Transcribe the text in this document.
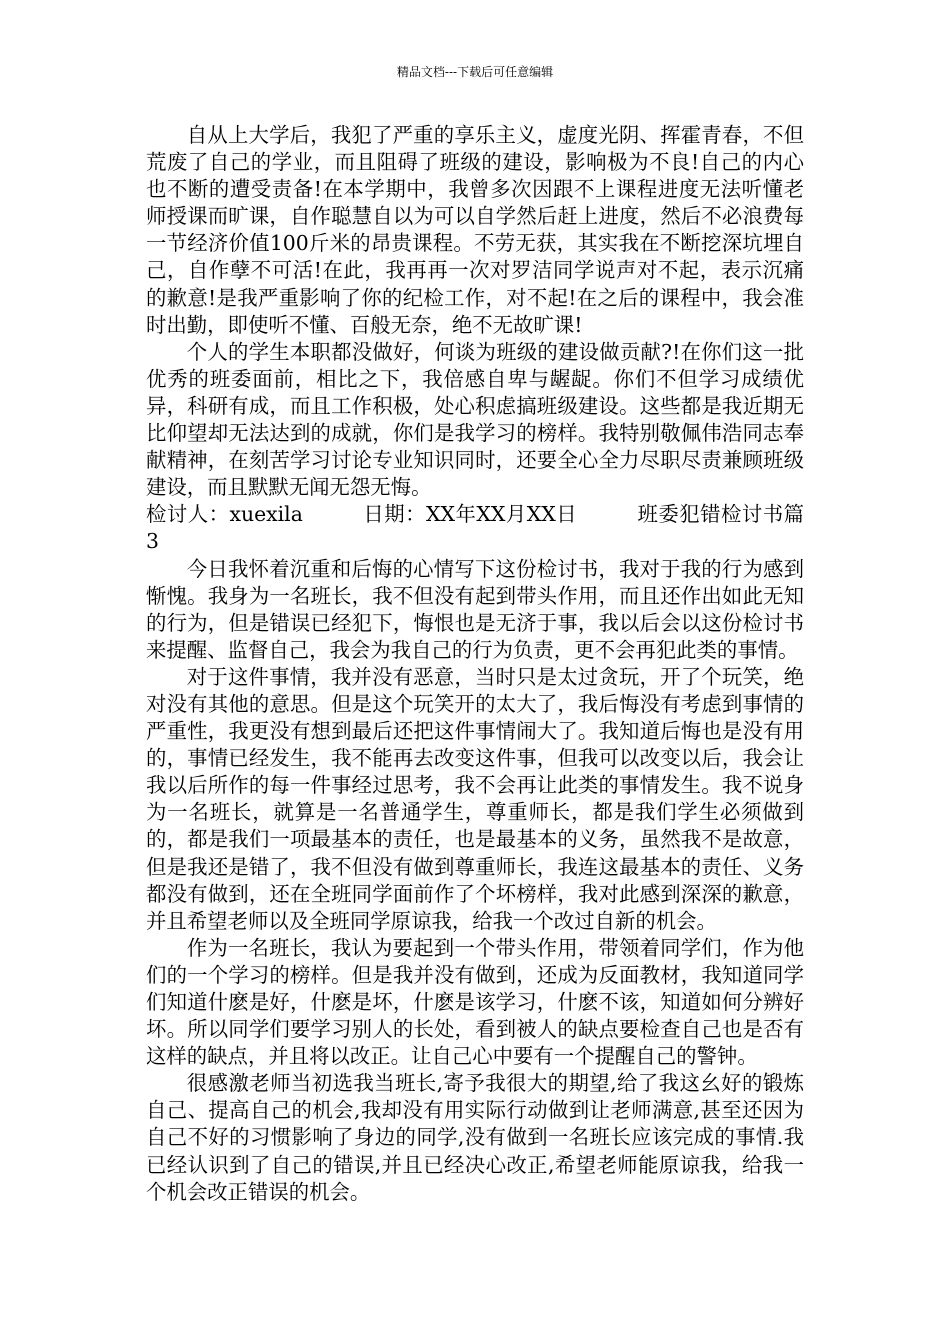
精品文档---下载后可任意编辑

自从上大学后，我犯了严重的享乐主义，虚度光阴、挥霍青春，不但荒废了自己的学业，而且阻碍了班级的建设，影响极为不良!自己的内心也不断的遭受责备!在本学期中，我曾多次因跟不上课程进度无法听懂老师授课而旷课，自作聪慧自以为可以自学然后赶上进度，然后不必浪费每一节经济价值100斤米的昂贵课程。不劳无获，其实我在不断挖深坑埋自己，自作孽不可活!在此，我再再一次对罗洁同学说声对不起，表示沉痛的歉意!是我严重影响了你的纪检工作，对不起!在之后的课程中，我会准时出勤，即使听不懂、百般无奈，绝不无故旷课!

个人的学生本职都没做好，何谈为班级的建设做贡献?!在你们这一批优秀的班委面前，相比之下，我倍感自卑与龌龊。你们不但学习成绩优异，科研有成，而且工作积极，处心积虑搞班级建设。这些都是我近期无比仰望却无法达到的成就，你们是我学习的榜样。我特别敬佩伟浩同志奉献精神，在刻苦学习讨论专业知识同时，还要全心全力尽职尽责兼顾班级建设，而且默默无闻无怨无悔。

检讨人：xuexila	日期：XX年XX月XX日	班委犯错检讨书篇3

今日我怀着沉重和后悔的心情写下这份检讨书，我对于我的行为感到惭愧。我身为一名班长，我不但没有起到带头作用，而且还作出如此无知的行为，但是错误已经犯下，悔恨也是无济于事，我以后会以这份检讨书来提醒、监督自己，我会为我自己的行为负责，更不会再犯此类的事情。

对于这件事情，我并没有恶意，当时只是太过贪玩，开了个玩笑，绝对没有其他的意思。但是这个玩笑开的太大了，我后悔没有考虑到事情的严重性，我更没有想到最后还把这件事情闹大了。我知道后悔也是没有用的，事情已经发生，我不能再去改变这件事，但我可以改变以后，我会让我以后所作的每一件事经过思考，我不会再让此类的事情发生。我不说身为一名班长，就算是一名普通学生，尊重师长，都是我们学生必须做到的，都是我们一项最基本的责任，也是最基本的义务，虽然我不是故意，但是我还是错了，我不但没有做到尊重师长，我连这最基本的责任、义务都没有做到，还在全班同学面前作了个坏榜样，我对此感到深深的歉意，并且希望老师以及全班同学原谅我，给我一个改过自新的机会。

作为一名班长，我认为要起到一个带头作用，带领着同学们，作为他们的一个学习的榜样。但是我并没有做到，还成为反面教材，我知道同学们知道什麽是好，什麽是坏，什麽是该学习，什麽不该，知道如何分辨好坏。所以同学们要学习别人的长处，看到被人的缺点要检查自己也是否有这样的缺点，并且将以改正。让自己心中要有一个提醒自己的警钟。

很感激老师当初选我当班长,寄予我很大的期望,给了我这幺好的锻炼自己、提高自己的机会,我却没有用实际行动做到让老师满意,甚至还因为自己不好的习惯影响了身边的同学,没有做到一名班长应该完成的事情.我已经认识到了自己的错误,并且已经决心改正,希望老师能原谅我，给我一个机会改正错误的机会。
